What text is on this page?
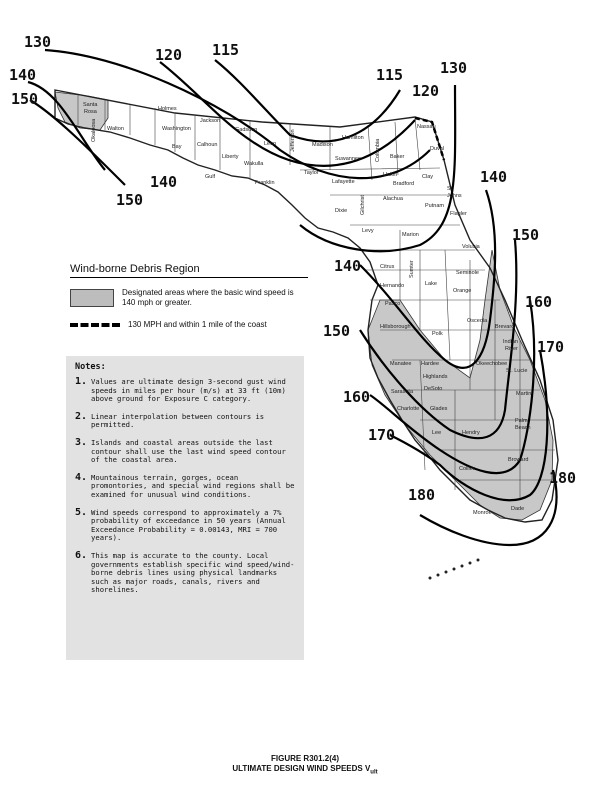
130
140
150
120 115
115 130
120
140
150
140
150
140
160
150
170
160
170
180
180
Santa
Rosa
Okaloosa Walton
Holmes
Washington
Jackson
Bay	Calhoun
Gulf
Liberty
Gadsden
Leon
Wakulla
Franklin
Jefferson	Madison
Hamilton
Suwannee	Columbia Baker
Nassau
Duval
Taylor
Lafayette
Dixie Gilchrist
Union
Bradford
Clay
St.
Johns
Alachua
Putnam
Flagler
Levy
Marion
Volusia
Citrus
Hernando
Sumter
Lake
Seminole
Orange
Pasco
Hillsborough
Polk
Osceola
Brevard
Indian
River
Manatee Hardee
Highlands
Okeechobee
St. Lucie
Sarasota DeSoto
Martin
Charlotte Glades
Lee	Hendry
Palm
Beach
Collier
Broward
Dade
Monroe
Wind-borne Debris Region
Designated areas where the basic wind speed is 140 mph or greater.
130 MPH and within 1 mile of the coast
Notes:
1. Values are ultimate design 3-second gust wind speeds in miles per hour (m/s) at 33 ft (10m) above ground for Exposure C category.
2. Linear interpolation between contours is permitted.
3. Islands and coastal areas outside the last contour shall use the last wind speed contour of the coastal area.
4. Mountainous terrain, gorges, ocean promontories, and special wind regions shall be examined for unusual wind conditions.
5. Wind speeds correspond to approximately a 7% probability of exceedance in 50 years (Annual Exceedance Probability = 0.00143, MRI = 700 years).
6. This map is accurate to the county. Local governments establish specific wind speed/wind-borne debris lines using physical landmarks such as major roads, canals, rivers and shorelines.
FIGURE R301.2(4)
ULTIMATE DESIGN WIND SPEEDS $V_{ult}$
